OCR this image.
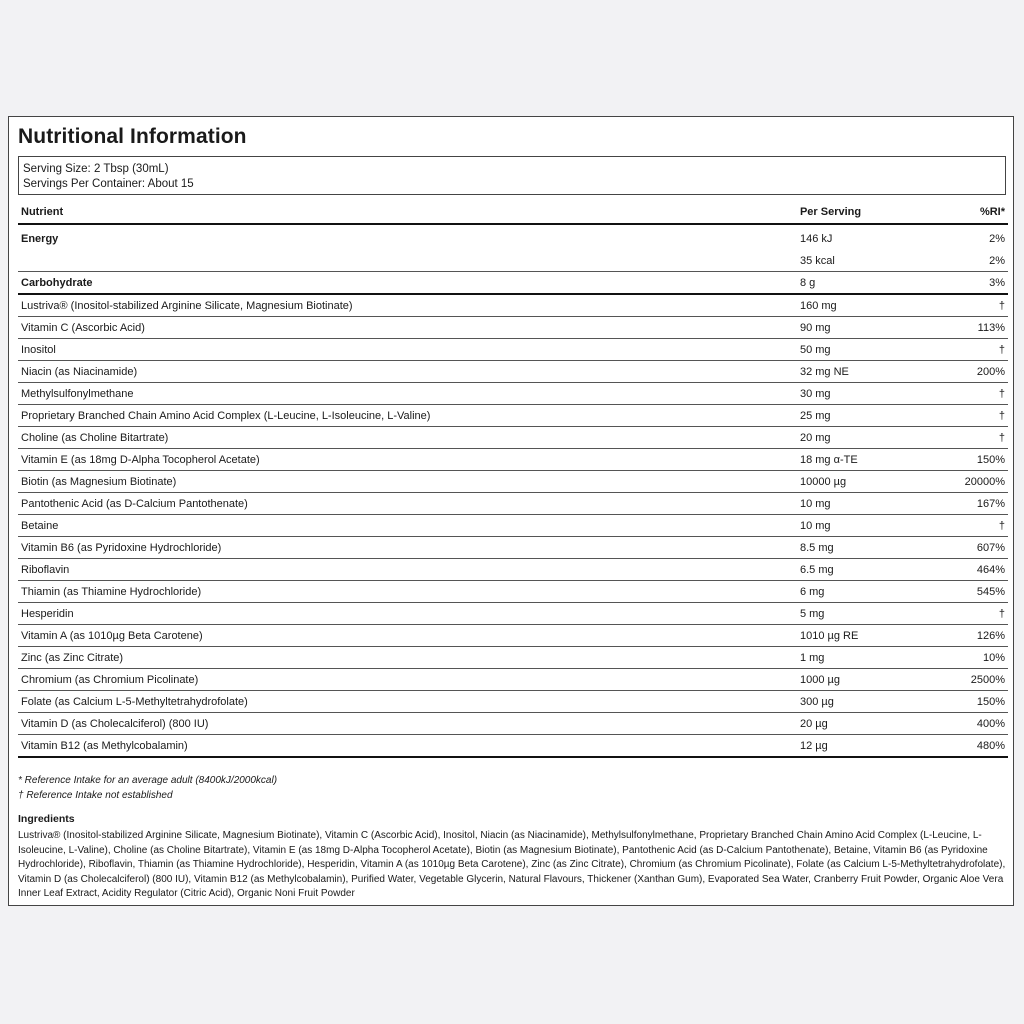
Nutritional Information
Serving Size: 2 Tbsp (30mL)
Servings Per Container: About 15
Nutrient	Per Serving	%RI*
Energy	146 kJ	2%
	35 kcal	2%
Carbohydrate	8 g	3%
Lustriva® (Inositol-stabilized Arginine Silicate, Magnesium Biotinate)	160 mg	†
Vitamin C (Ascorbic Acid)	90 mg	113%
Inositol	50 mg	†
Niacin (as Niacinamide)	32 mg NE	200%
Methylsulfonylmethane	30 mg	†
Proprietary Branched Chain Amino Acid Complex (L-Leucine, L-Isoleucine, L-Valine)	25 mg	†
Choline (as Choline Bitartrate)	20 mg	†
Vitamin E (as 18mg D-Alpha Tocopherol Acetate)	18 mg α-TE	150%
Biotin (as Magnesium Biotinate)	10000 µg	20000%
Pantothenic Acid (as D-Calcium Pantothenate)	10 mg	167%
Betaine	10 mg	†
Vitamin B6 (as Pyridoxine Hydrochloride)	8.5 mg	607%
Riboflavin	6.5 mg	464%
Thiamin (as Thiamine Hydrochloride)	6 mg	545%
Hesperidin	5 mg	†
Vitamin A (as 1010µg Beta Carotene)	1010 µg RE	126%
Zinc (as Zinc Citrate)	1 mg	10%
Chromium (as Chromium Picolinate)	1000 µg	2500%
Folate (as Calcium L-5-Methyltetrahydrofolate)	300 µg	150%
Vitamin D (as Cholecalciferol) (800 IU)	20 µg	400%
Vitamin B12 (as Methylcobalamin)	12 µg	480%
* Reference Intake for an average adult (8400kJ/2000kcal)
† Reference Intake not established
Ingredients
Lustriva® (Inositol-stabilized Arginine Silicate, Magnesium Biotinate), Vitamin C (Ascorbic Acid), Inositol, Niacin (as Niacinamide), Methylsulfonylmethane, Proprietary Branched Chain Amino Acid Complex (L-Leucine, L-Isoleucine, L-Valine), Choline (as Choline Bitartrate), Vitamin E (as 18mg D-Alpha Tocopherol Acetate), Biotin (as Magnesium Biotinate), Pantothenic Acid (as D-Calcium Pantothenate), Betaine, Vitamin B6 (as Pyridoxine Hydrochloride), Riboflavin, Thiamin (as Thiamine Hydrochloride), Hesperidin, Vitamin A (as 1010µg Beta Carotene), Zinc (as Zinc Citrate), Chromium (as Chromium Picolinate), Folate (as Calcium L-5-Methyltetrahydrofolate), Vitamin D (as Cholecalciferol) (800 IU), Vitamin B12 (as Methylcobalamin), Purified Water, Vegetable Glycerin, Natural Flavours, Thickener (Xanthan Gum), Evaporated Sea Water, Cranberry Fruit Powder, Organic Aloe Vera Inner Leaf Extract, Acidity Regulator (Citric Acid), Organic Noni Fruit Powder
